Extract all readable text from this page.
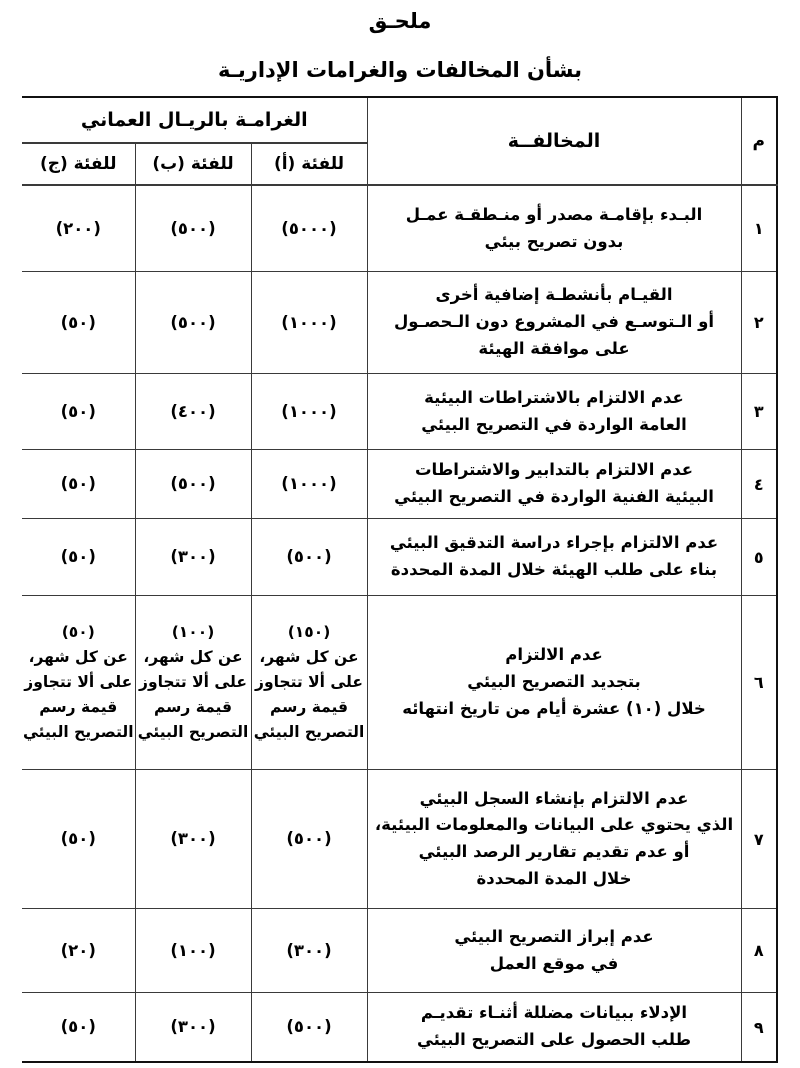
ملحـق
بشأن المخالفات والغرامات الإداريـة
م	المخالفــة	الغرامـة بالريـال العماني		
		للفئة (أ)	للفئة (ب)	للفئة (ج)
١	البـدء بإقامـة مصدر أو منـطقـة عمـل
بدون تصريح بيئي	(٥٠٠٠)	(٥٠٠)	(٢٠٠)

٢	القيـام بأنشطـة إضافية أخرى
أو الـتوسـع في المشروع دون الـحصـول
على موافقة الهيئة	(١٠٠٠)	(٥٠٠)	(٥٠)

٣	عدم الالتزام بالاشتراطات البيئية
العامة الواردة في التصريح البيئي	(١٠٠٠)	(٤٠٠)	(٥٠)

٤	عدم الالتزام بالتدابير والاشتراطات
البيئية الفنية الواردة في التصريح البيئي	(١٠٠٠)	(٥٠٠)	(٥٠)

٥	عدم الالتزام بإجراء دراسة التدقيق البيئي
بناء على طلب الهيئة خلال المدة المحددة	(٥٠٠)	(٣٠٠)	(٥٠)

٦	عدم الالتزام
بتجديد التصريح البيئي
خلال (١٠) عشرة أيام من تاريخ انتهائه	(١٥٠)
عن كل شهر،
على ألا تتجاوز
قيمة رسم
التصريح البيئي	(١٠٠)
عن كل شهر،
على ألا تتجاوز
قيمة رسم
التصريح البيئي	(٥٠)
عن كل شهر،
على ألا تتجاوز
قيمة رسم
التصريح البيئي

٧	عدم الالتزام بإنشاء السجل البيئي
الذي يحتوي على البيانات والمعلومات البيئية،
أو عدم تقديم تقارير الرصد البيئي
خلال المدة المحددة	(٥٠٠)	(٣٠٠)	(٥٠)

٨	عدم إبراز التصريح البيئي
في موقع العمل	(٣٠٠)	(١٠٠)	(٢٠)

٩	الإدلاء ببيانات مضللة أثنـاء تقديـم
طلب الحصول على التصريح البيئي	(٥٠٠)	(٣٠٠)	(٥٠)
